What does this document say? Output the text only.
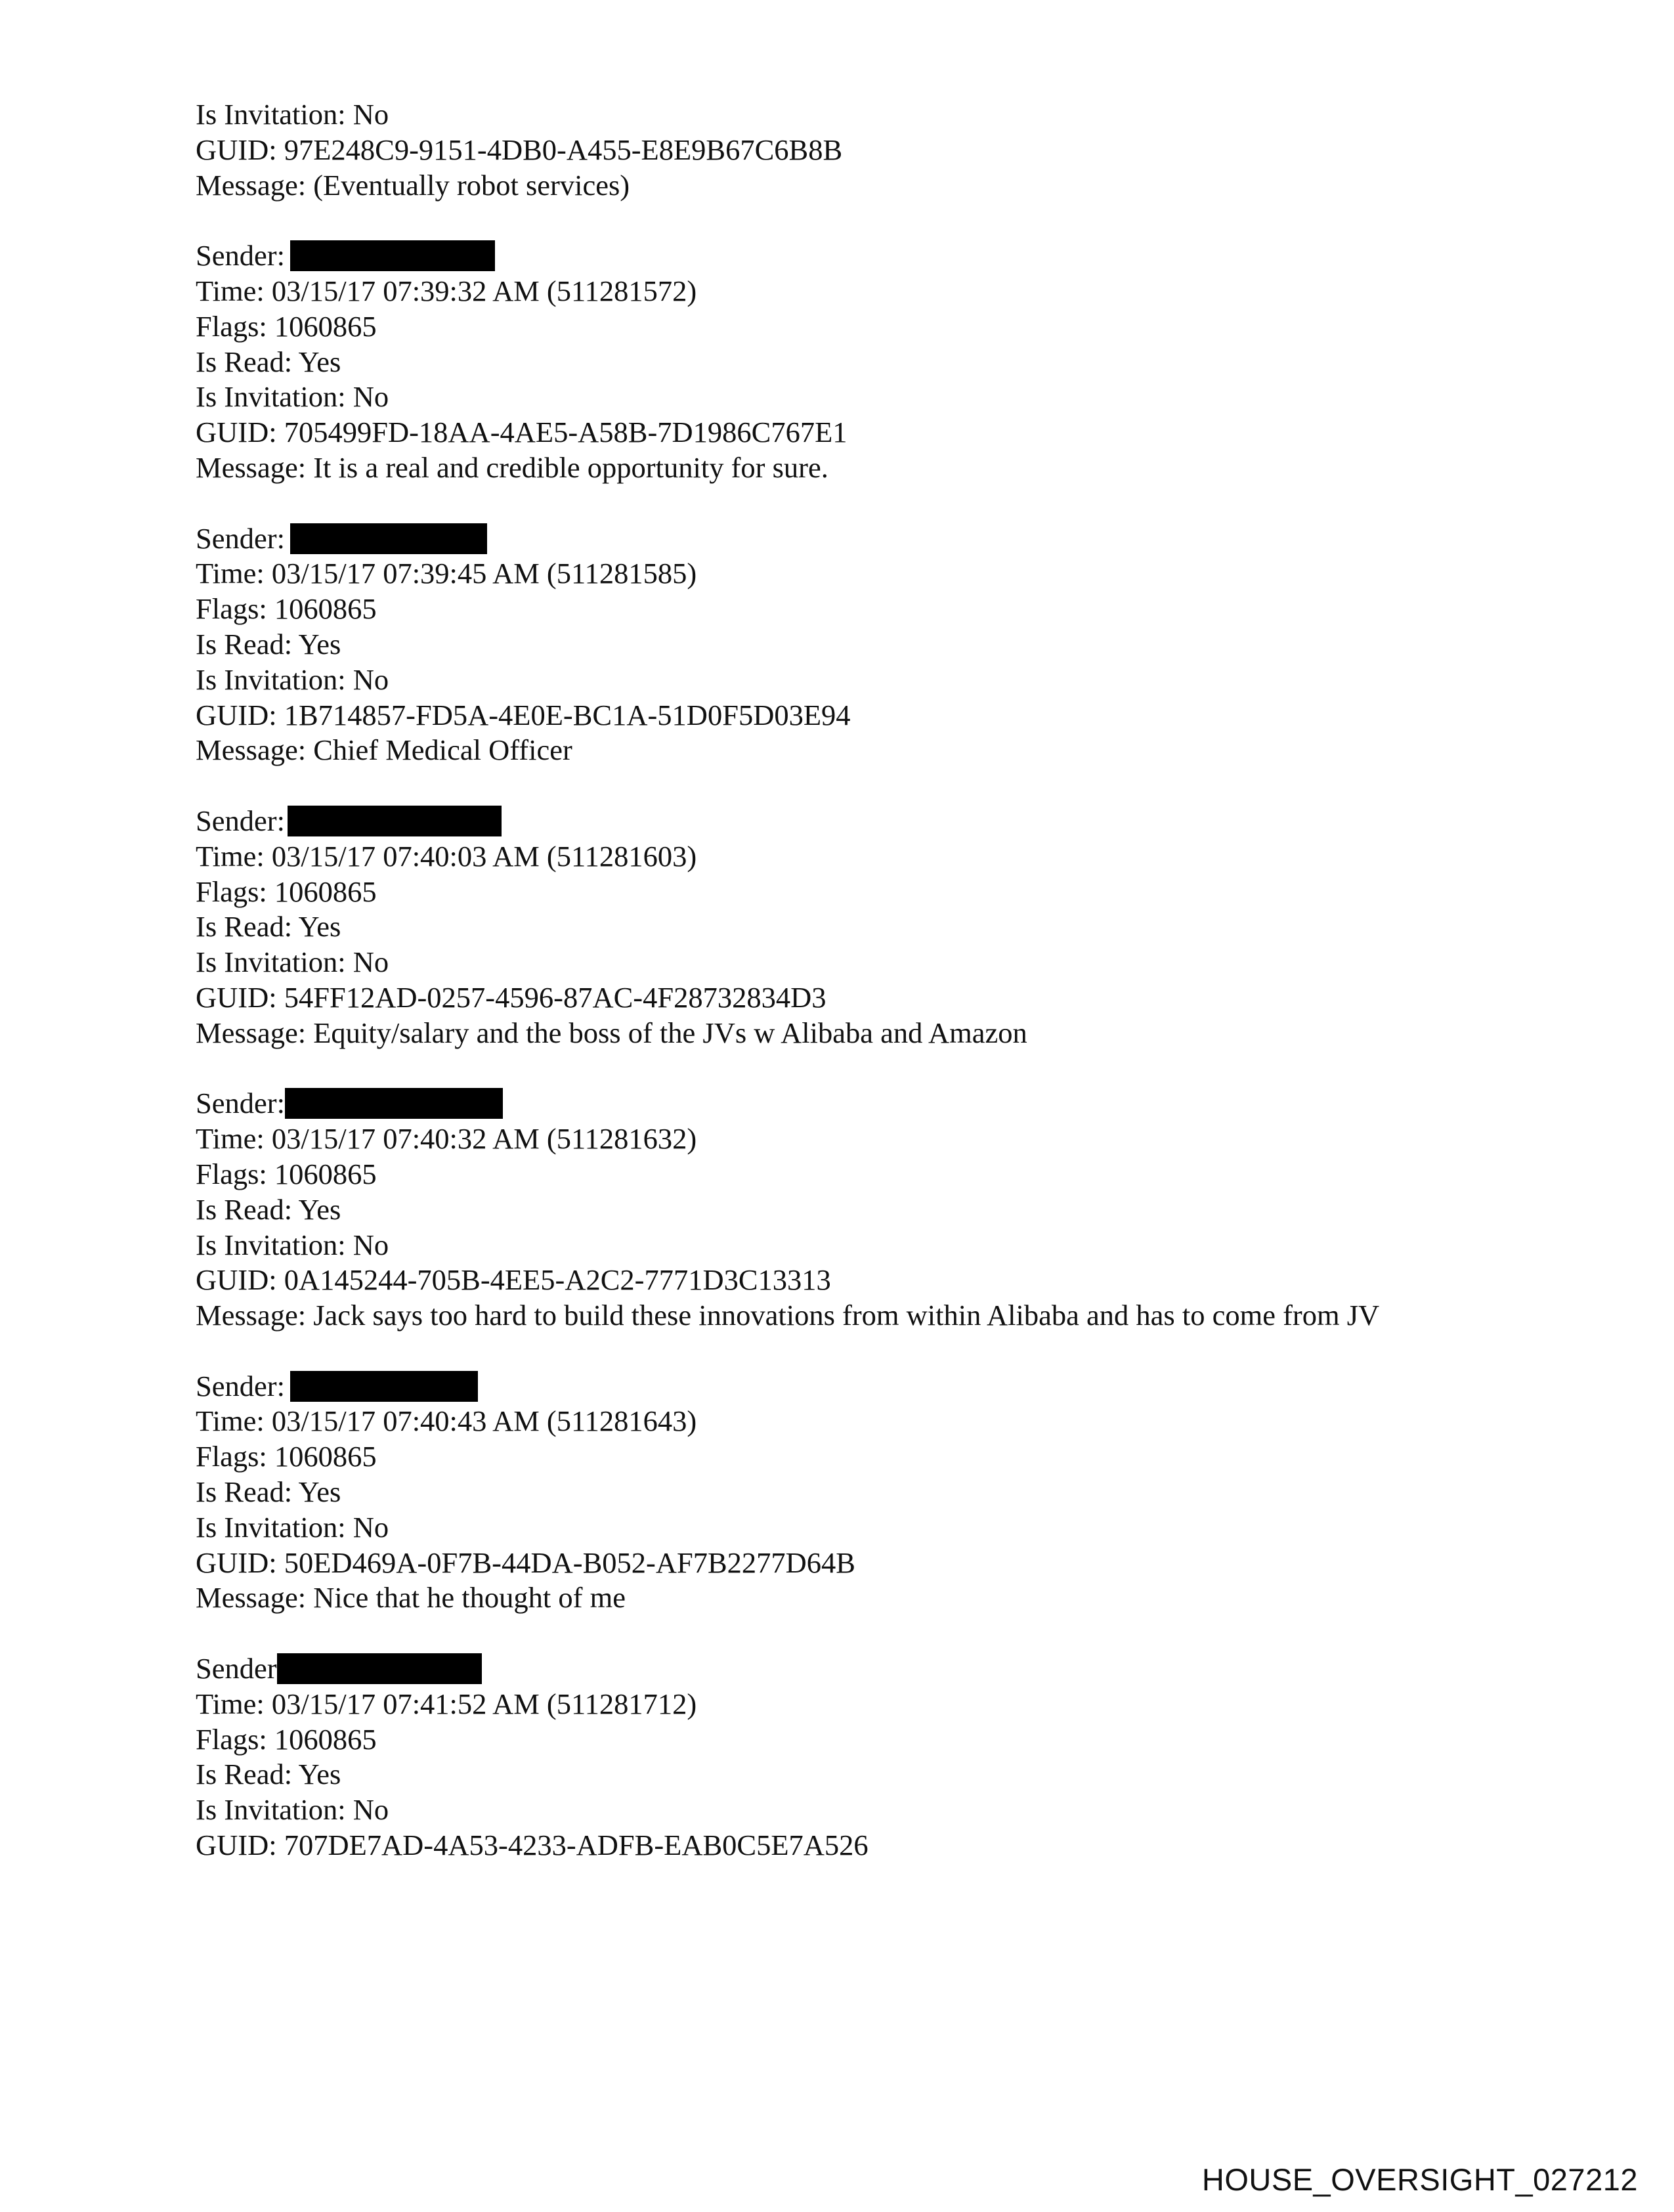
Is Invitation: No
GUID: 97E248C9-9151-4DB0-A455-E8E9B67C6B8B
Message: (Eventually robot services)
Sender:
Time: 03/15/17 07:39:32 AM (511281572)
Flags: 1060865
Is Read: Yes
Is Invitation: No
GUID: 705499FD-18AA-4AE5-A58B-7D1986C767E1
Message: It is a real and credible opportunity for sure.
Sender:
Time: 03/15/17 07:39:45 AM (511281585)
Flags: 1060865
Is Read: Yes
Is Invitation: No
GUID: 1B714857-FD5A-4E0E-BC1A-51D0F5D03E94
Message: Chief Medical Officer
Sender:
Time: 03/15/17 07:40:03 AM (511281603)
Flags: 1060865
Is Read: Yes
Is Invitation: No
GUID: 54FF12AD-0257-4596-87AC-4F28732834D3
Message: Equity/salary and the boss of the JVs w Alibaba and Amazon
Sender:
Time: 03/15/17 07:40:32 AM (511281632)
Flags: 1060865
Is Read: Yes
Is Invitation: No
GUID: 0A145244-705B-4EE5-A2C2-7771D3C13313
Message: Jack says too hard to build these innovations from within Alibaba and has to come from JV
Sender:
Time: 03/15/17 07:40:43 AM (511281643)
Flags: 1060865
Is Read: Yes
Is Invitation: No
GUID: 50ED469A-0F7B-44DA-B052-AF7B2277D64B
Message: Nice that he thought of me
Sender
Time: 03/15/17 07:41:52 AM (511281712)
Flags: 1060865
Is Read: Yes
Is Invitation: No
GUID: 707DE7AD-4A53-4233-ADFB-EAB0C5E7A526
HOUSE_OVERSIGHT_027212
